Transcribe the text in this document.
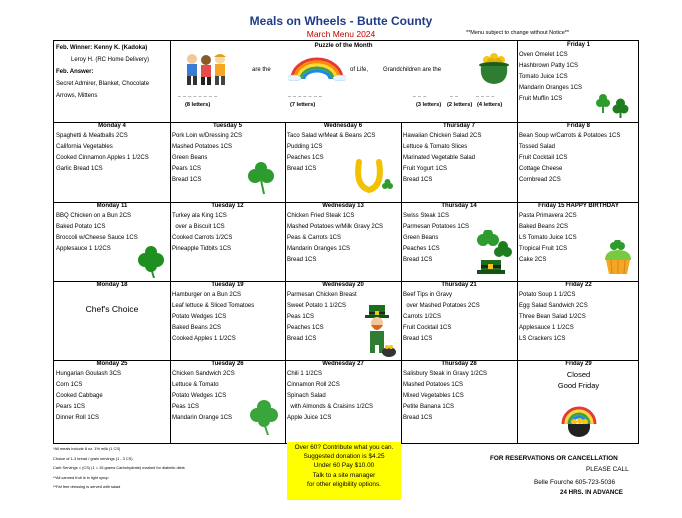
Meals on Wheels - Butte County
March Menu 2024	**Menu subject to change without Notice**
Feb. Winner: Kenny K. (Kadoka)
Leroy H. (RC Home Delivery)
Feb. Answer:
Secret Admirer, Blanket, Chocolate
Arrows, Mittens
Puzzle of the Month
are the	of Life, Grandchildren are the
_ _ _ _ _ _ _ _	_ _ _ _ _ _ _	_ _ _	_ _	_ _ _ _
(8 letters)	(7 letters)	(3 letters) (2 letters) (4 letters)
Friday 1
Oven Omelet 1CS
Hashbrown Patty 1CS
Tomato Juice 1CS
Mandarin Oranges 1CS
Fruit Muffin 1CS
Monday 4
Spaghetti & Meatballs 2CS
California Vegetables
Cooked Cinnamon Apples 1 1/2CS
Garlic Bread 1CS
Tuesday 5
Pork Loin w/Dressing 2CS
Mashed Potatoes 1CS
Green Beans
Pears 1CS
Bread 1CS
Wednesday 6
Taco Salad w/Meat & Beans 2CS
Pudding 1CS
Peaches 1CS
Bread 1CS
Thursday 7
Hawaiian Chicken Salad 2CS
Lettuce & Tomato Slices
Marinated Vegetable Salad
Fruit Yogurt 1CS
Bread 1CS
Friday 8
Bean Soup w/Carrots & Potatoes 1CS
Tossed Salad
Fruit Cocktail 1CS
Cottage Cheese
Cornbread 2CS
Monday 11
BBQ Chicken on a Bun 2CS
Baked Potato 1CS
Broccoli w/Cheese Sauce 1CS
Applesauce 1 1/2CS
Tuesday 12
Turkey ala King 1CS
over a Biscuit 1CS
Cooked Carrots 1/2CS
Pineapple Tidbits 1CS
Wednesday 13
Chicken Fried Steak 1CS
Mashed Potatoes w/Milk Gravy 2CS
Peas & Carrots 1CS
Mandarin Oranges 1CS
Bread 1CS
Thursday 14
Swiss Steak 1CS
Parmesan Potatoes 1CS
Green Beans
Peaches 1CS
Bread 1CS
Friday 15 HAPPY BIRTHDAY
Pasta Primavera 2CS
Baked Beans 2CS
LS Tomato Juice 1CS
Tropical Fruit 1CS
Cake 2CS
Monday 18
Chef's Choice
Tuesday 19
Hamburger on a Bun 2CS
Leaf lettuce & Sliced Tomatoes
Potato Wedges 1CS
Baked Beans 2CS
Cooked Apples 1 1/2CS
Wednesday 20
Parmesan Chicken Breast
Sweet Potato 1 1/2CS
Peas 1CS
Peaches 1CS
Bread 1CS
Thursday 21
Beef Tips in Gravy
over Mashed Potatoes 2CS
Carrots 1/2CS
Fruit Cocktail 1CS
Bread 1CS
Friday 22
Potato Soup 1 1/2CS
Egg Salad Sandwich 2CS
Three Bean Salad 1/2CS
Applesauce 1 1/2CS
LS Crackers 1CS
Monday 25
Hungarian Goulash 3CS
Corn 1CS
Cooked Cabbage
Pears 1CS
Dinner Roll 1CS
Tuesday 26
Chicken Sandwich 2CS
Lettuce & Tomato
Potato Wedges 1CS
Peas 1CS
Mandarin Orange 1CS
Wednesday 27
Chili 1 1/2CS
Cinnamon Roll 2CS
Spinach Salad
with Almonds & Craisins 1/2CS
Apple Juice 1CS
Thursday 28
Salisbury Steak in Gravy 1/2CS
Mashed Potatoes 1CS
Mixed Vegetables 1CS
Petite Banana 1CS
Bread 1CS
Friday 29
Closed
Good Friday
*All meals include 8 oz. 1% milk (1 CS)
Choice of 1-3 bread / grain servings (1 - 3 CS)
Carb Servings = (CS) (1 = 15 grams Carbohydrate) marked for diabetic diets
**All canned fruit is in light syrup
**Fat free dressing is served with salad
Over 60? Contribute what you can.
Suggested donation is $4.25
Under 60 Pay $10.00
Talk to a site manager
for other eligibility options.
FOR RESERVATIONS OR CANCELLATION
PLEASE CALL
Belle Fourche 605-723-5036
24 HRS. IN ADVANCE
